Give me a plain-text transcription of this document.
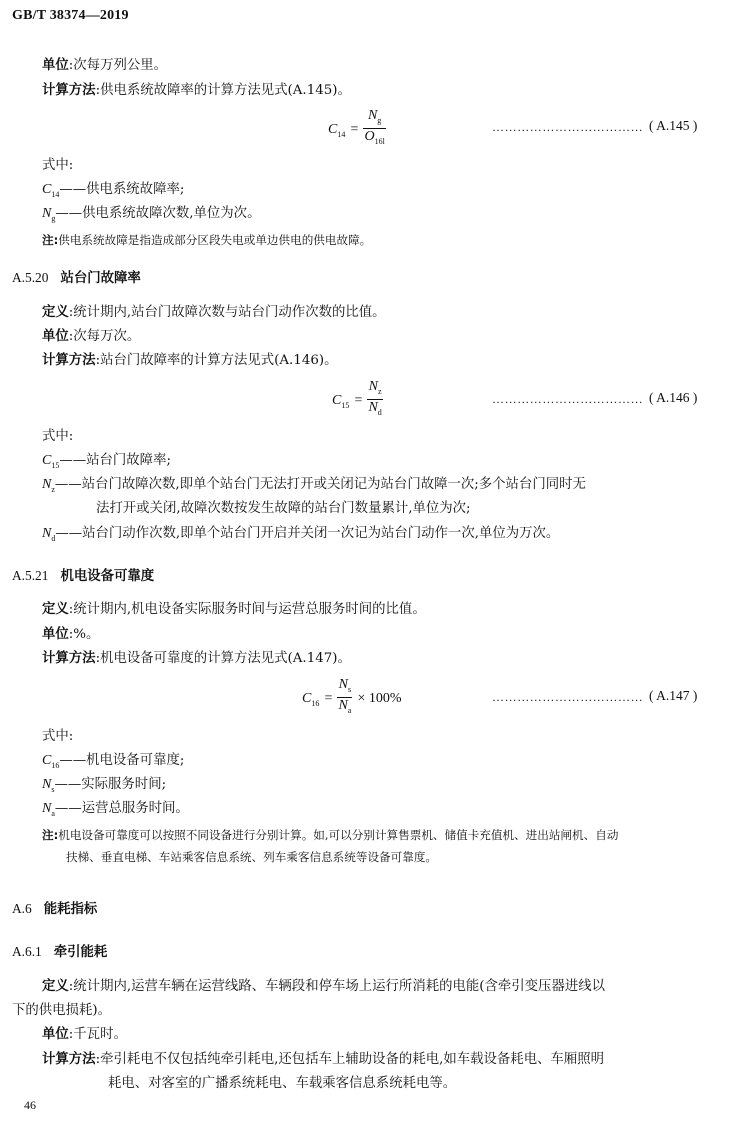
GB/T 38374—2019
单位:次每万列公里。
计算方法:供电系统故障率的计算方法见式(A.145)。
$C_{14} = \frac{N_g}{O_{16l}}$	……………………………… ( A.145 )
式中:
$C_{14}——$供电系统故障率;
$N_g——$供电系统故障次数,单位为次。
注:供电系统故障是指造成部分区段失电或单边供电的供电故障。
A.5.20 站台门故障率
定义:统计期内,站台门故障次数与站台门动作次数的比值。
单位:次每万次。
计算方法:站台门故障率的计算方法见式(A.146)。
$C_{15} = \frac{N_z}{N_d}$	……………………………… ( A.146 )
式中:
$C_{15}——$站台门故障率;
$N_z——$站台门故障次数,即单个站台门无法打开或关闭记为站台门故障一次;多个站台门同时无
法打开或关闭,故障次数按发生故障的站台门数量累计,单位为次;
$N_d——$站台门动作次数,即单个站台门开启并关闭一次记为站台门动作一次,单位为万次。
A.5.21 机电设备可靠度
定义:统计期内,机电设备实际服务时间与运营总服务时间的比值。
单位:%。
计算方法:机电设备可靠度的计算方法见式(A.147)。
$C_{16} = \frac{N_s}{N_a} \times 100\%$	……………………………… ( A.147 )
式中:
$C_{16}——$机电设备可靠度;
$N_s——$实际服务时间;
$N_a——$运营总服务时间。
注:机电设备可靠度可以按照不同设备进行分别计算。如,可以分别计算售票机、储值卡充值机、进出站闸机、自动
扶梯、垂直电梯、车站乘客信息系统、列车乘客信息系统等设备可靠度。
A.6 能耗指标
A.6.1 牵引能耗
定义:统计期内,运营车辆在运营线路、车辆段和停车场上运行所消耗的电能(含牵引变压器进线以
下的供电损耗)。
单位:千瓦时。
计算方法:牵引耗电不仅包括纯牵引耗电,还包括车上辅助设备的耗电,如车载设备耗电、车厢照明
耗电、对客室的广播系统耗电、车载乘客信息系统耗电等。
46
